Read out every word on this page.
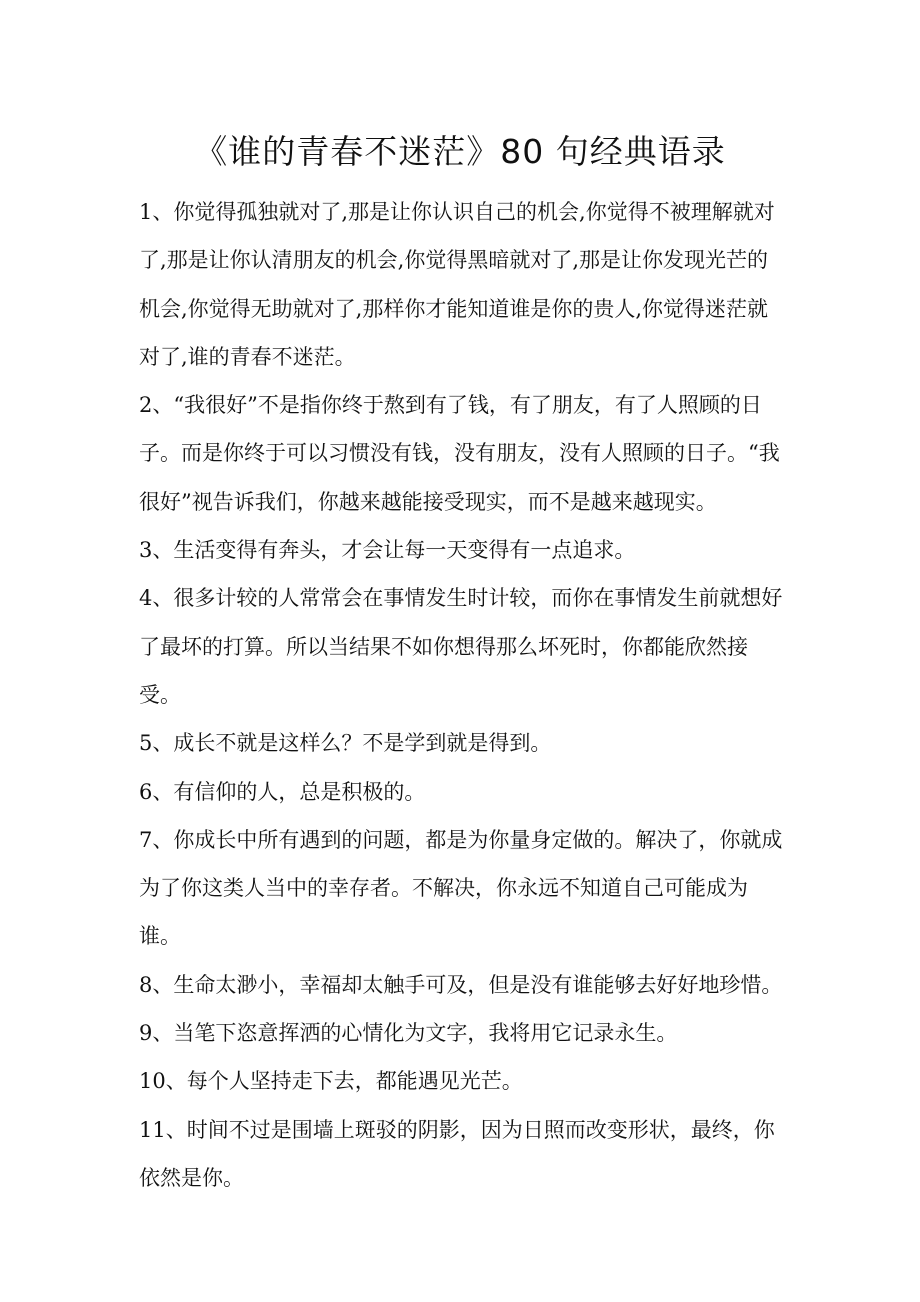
《谁的青春不迷茫》80 句经典语录

1、你觉得孤独就对了,那是让你认识自己的机会,你觉得不被理解就对了,那是让你认清朋友的机会,你觉得黑暗就对了,那是让你发现光芒的机会,你觉得无助就对了,那样你才能知道谁是你的贵人,你觉得迷茫就对了,谁的青春不迷茫。

2、“我很好”不是指你终于熬到有了钱，有了朋友，有了人照顾的日子。而是你终于可以习惯没有钱，没有朋友，没有人照顾的日子。“我很好”视告诉我们，你越来越能接受现实，而不是越来越现实。

3、生活变得有奔头，才会让每一天变得有一点追求。

4、很多计较的人常常会在事情发生时计较，而你在事情发生前就想好了最坏的打算。所以当结果不如你想得那么坏死时，你都能欣然接受。

5、成长不就是这样么？不是学到就是得到。

6、有信仰的人，总是积极的。

7、你成长中所有遇到的问题，都是为你量身定做的。解决了，你就成为了你这类人当中的幸存者。不解决，你永远不知道自己可能成为谁。

8、生命太渺小，幸福却太触手可及，但是没有谁能够去好好地珍惜。

9、当笔下恣意挥洒的心情化为文字，我将用它记录永生。

10、每个人坚持走下去，都能遇见光芒。

11、时间不过是围墙上斑驳的阴影，因为日照而改变形状，最终，你依然是你。
